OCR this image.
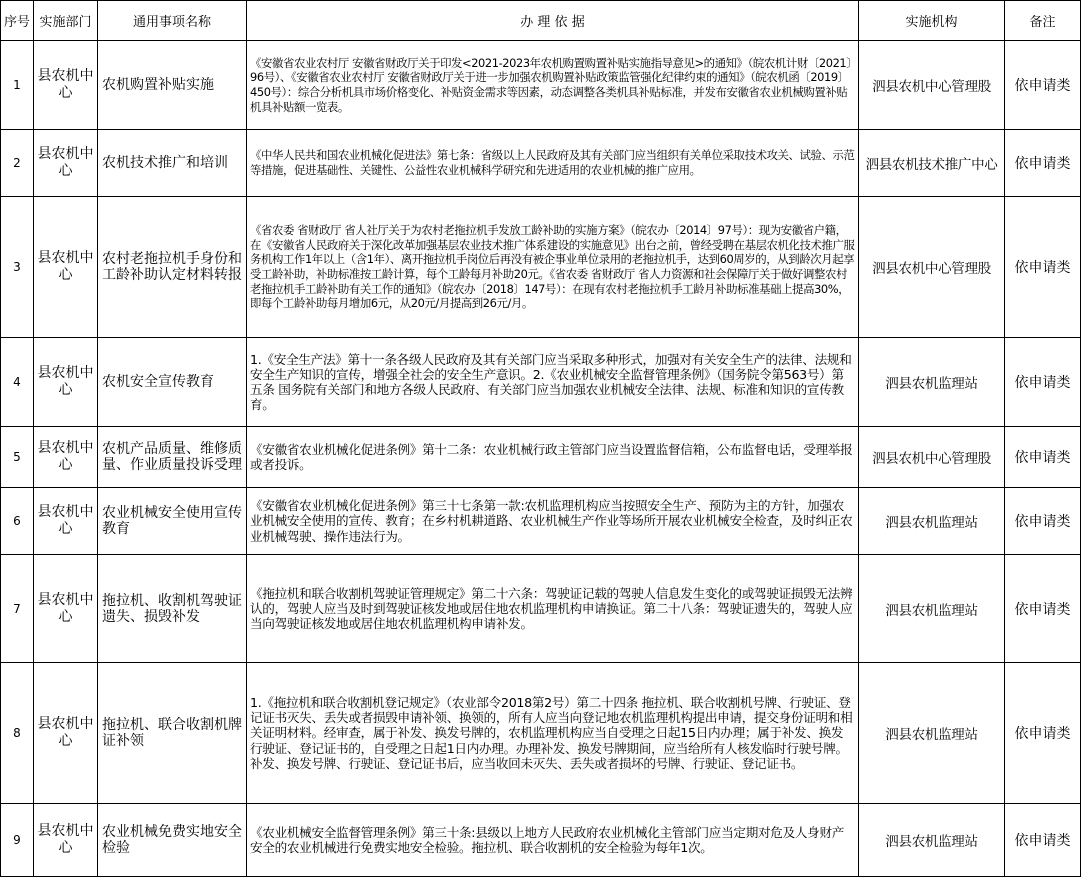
序号	实施部门	通用事项名称	办 理 依 据	实施机构	备注
1	县农机中心	农机购置补贴实施	《安徽省农业农村厅 安徽省财政厅关于印发<2021-2023年农机购置购置补贴实施指导意见>的通知》（皖农机计财〔2021〕96号）、《安徽省农业农村厅 安徽省财政厅关于进一步加强农机购置补贴政策监管强化纪律约束的通知》（皖农机函〔2019〕450号）：综合分析机具市场价格变化、补贴资金需求等因素，动态调整各类机具补贴标准，并发布安徽省农业机械购置补贴机具补贴额一览表。	泗县农机中心管理股	依申请类
2	县农机中心	农机技术推广和培训	《中华人民共和国农业机械化促进法》第七条：省级以上人民政府及其有关部门应当组织有关单位采取技术攻关、试验、示范等措施，促进基础性、关键性、公益性农业机械科学研究和先进适用的农业机械的推广应用。	泗县农机技术推广中心	依申请类
3	县农机中心	农村老拖拉机手身份和工龄补助认定材料转报	《省农委 省财政厅 省人社厅关于为农村老拖拉机手发放工龄补助的实施方案》（皖农办〔2014〕97号）：现为安徽省户籍，在《安徽省人民政府关于深化改革加强基层农业技术推广体系建设的实施意见》出台之前，曾经受聘在基层农机化技术推广服务机构工作1年以上（含1年）、离开拖拉机手岗位后再没有被企事业单位录用的老拖拉机手，达到60周岁的，从到龄次月起享受工龄补助，补助标准按工龄计算，每个工龄每月补助20元。《省农委 省财政厅 省人力资源和社会保障厅关于做好调整农村老拖拉机手工龄补助有关工作的通知》（皖农办〔2018〕147号）：在现有农村老拖拉机手工龄月补助标准基础上提高30%，即每个工龄补助每月增加6元，从20元/月提高到26元/月。	泗县农机中心管理股	依申请类
4	县农机中心	农机安全宣传教育	1.《安全生产法》第十一条各级人民政府及其有关部门应当采取多种形式，加强对有关安全生产的法律、法规和安全生产知识的宣传，增强全社会的安全生产意识。2.《农业机械安全监督管理条例》（国务院令第563号）第五条 国务院有关部门和地方各级人民政府、有关部门应当加强农业机械安全法律、法规、标准和知识的宣传教育。	泗县农机监理站	依申请类
5	县农机中心	农机产品质量、维修质量、作业质量投诉受理	《安徽省农业机械化促进条例》第十二条：农业机械行政主管部门应当设置监督信箱，公布监督电话，受理举报或者投诉。	泗县农机中心管理股	依申请类
6	县农机中心	农业机械安全使用宣传教育	《安徽省农业机械化促进条例》第三十七条第一款:农机监理机构应当按照安全生产、预防为主的方针，加强农业机械安全使用的宣传、教育；在乡村机耕道路、农业机械生产作业等场所开展农业机械安全检查，及时纠正农业机械驾驶、操作违法行为。	泗县农机监理站	依申请类
7	县农机中心	拖拉机、收割机驾驶证遗失、损毁补发	《拖拉机和联合收割机驾驶证管理规定》第二十六条：驾驶证记载的驾驶人信息发生变化的或驾驶证损毁无法辨认的，驾驶人应当及时到驾驶证核发地或居住地农机监理机构申请换证。第二十八条：驾驶证遗失的，驾驶人应当向驾驶证核发地或居住地农机监理机构申请补发。	泗县农机监理站	依申请类
8	县农机中心	拖拉机、联合收割机牌证补领	1.《拖拉机和联合收割机登记规定》（农业部令2018第2号）第二十四条 拖拉机、联合收割机号牌、行驶证、登记证书灭失、丢失或者损毁申请补领、换领的，所有人应当向登记地农机监理机构提出申请，提交身份证明和相关证明材料。经审查，属于补发、换发号牌的，农机监理机构应当自受理之日起15日内办理；属于补发、换发行驶证、登记证书的，自受理之日起1日内办理。办理补发、换发号牌期间，应当给所有人核发临时行驶号牌。补发、换发号牌、行驶证、登记证书后，应当收回未灭失、丢失或者损坏的号牌、行驶证、登记证书。	泗县农机监理站	依申请类
9	县农机中心	农业机械免费实地安全检验	《农业机械安全监督管理条例》第三十条:县级以上地方人民政府农业机械化主管部门应当定期对危及人身财产安全的农业机械进行免费实地安全检验。拖拉机、联合收割机的安全检验为每年1次。	泗县农机监理站	依申请类
